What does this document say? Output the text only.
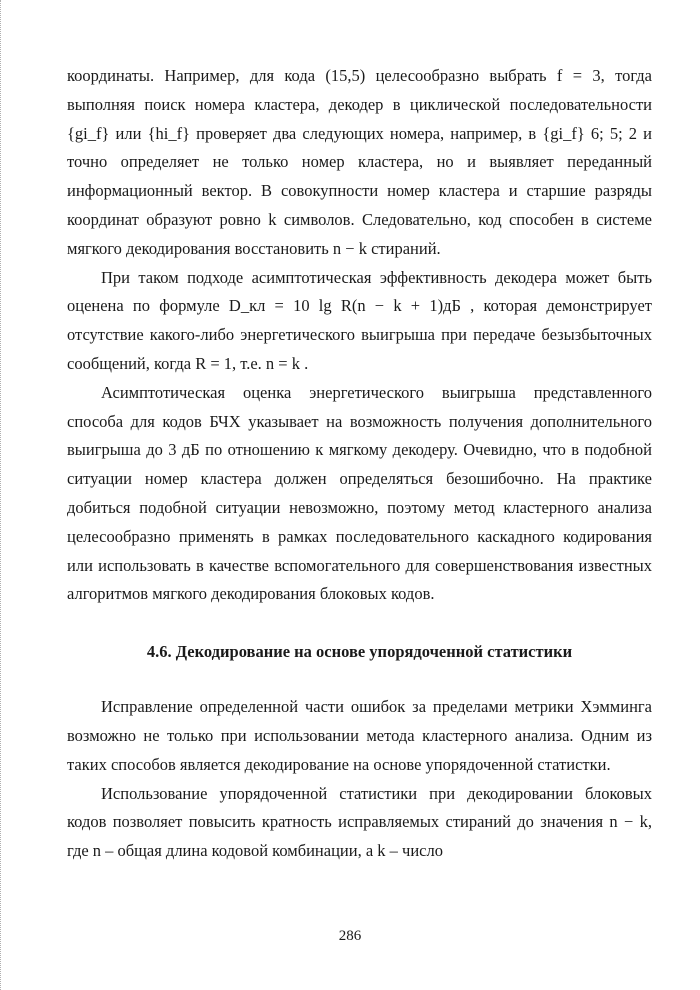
координаты. Например, для кода (15,5) целесообразно выбрать f = 3, тогда выполняя поиск номера кластера, декодер в циклической последовательности {gi_f} или {hi_f} проверяет два следующих номера, например, в {gi_f} 6; 5; 2 и точно определяет не только номер кластера, но и выявляет переданный информационный вектор. В совокупности номер кластера и старшие разряды координат образуют ровно k символов. Следовательно, код способен в системе мягкого декодирования восстановить n − k стираний.

При таком подходе асимптотическая эффективность декодера может быть оценена по формуле D_кл = 10 lg R(n − k + 1)дБ , которая демонстрирует отсутствие какого-либо энергетического выигрыша при передаче безызбыточных сообщений, когда R = 1, т.е. n = k .

Асимптотическая оценка энергетического выигрыша представленного способа для кодов БЧХ указывает на возможность получения дополнительного выигрыша до 3 дБ по отношению к мягкому декодеру. Очевидно, что в подобной ситуации номер кластера должен определяться безошибочно. На практике добиться подобной ситуации невозможно, поэтому метод кластерного анализа целесообразно применять в рамках последовательного каскадного кодирования или использовать в качестве вспомогательного для совершенствования известных алгоритмов мягкого декодирования блоковых кодов.

4.6. Декодирование на основе упорядоченной статистики

Исправление определенной части ошибок за пределами метрики Хэмминга возможно не только при использовании метода кластерного анализа. Одним из таких способов является декодирование на основе упорядоченной статистки.

Использование упорядоченной статистики при декодировании блоковых кодов позволяет повысить кратность исправляемых стираний до значения n − k, где n – общая длина кодовой комбинации, а k – число

286
